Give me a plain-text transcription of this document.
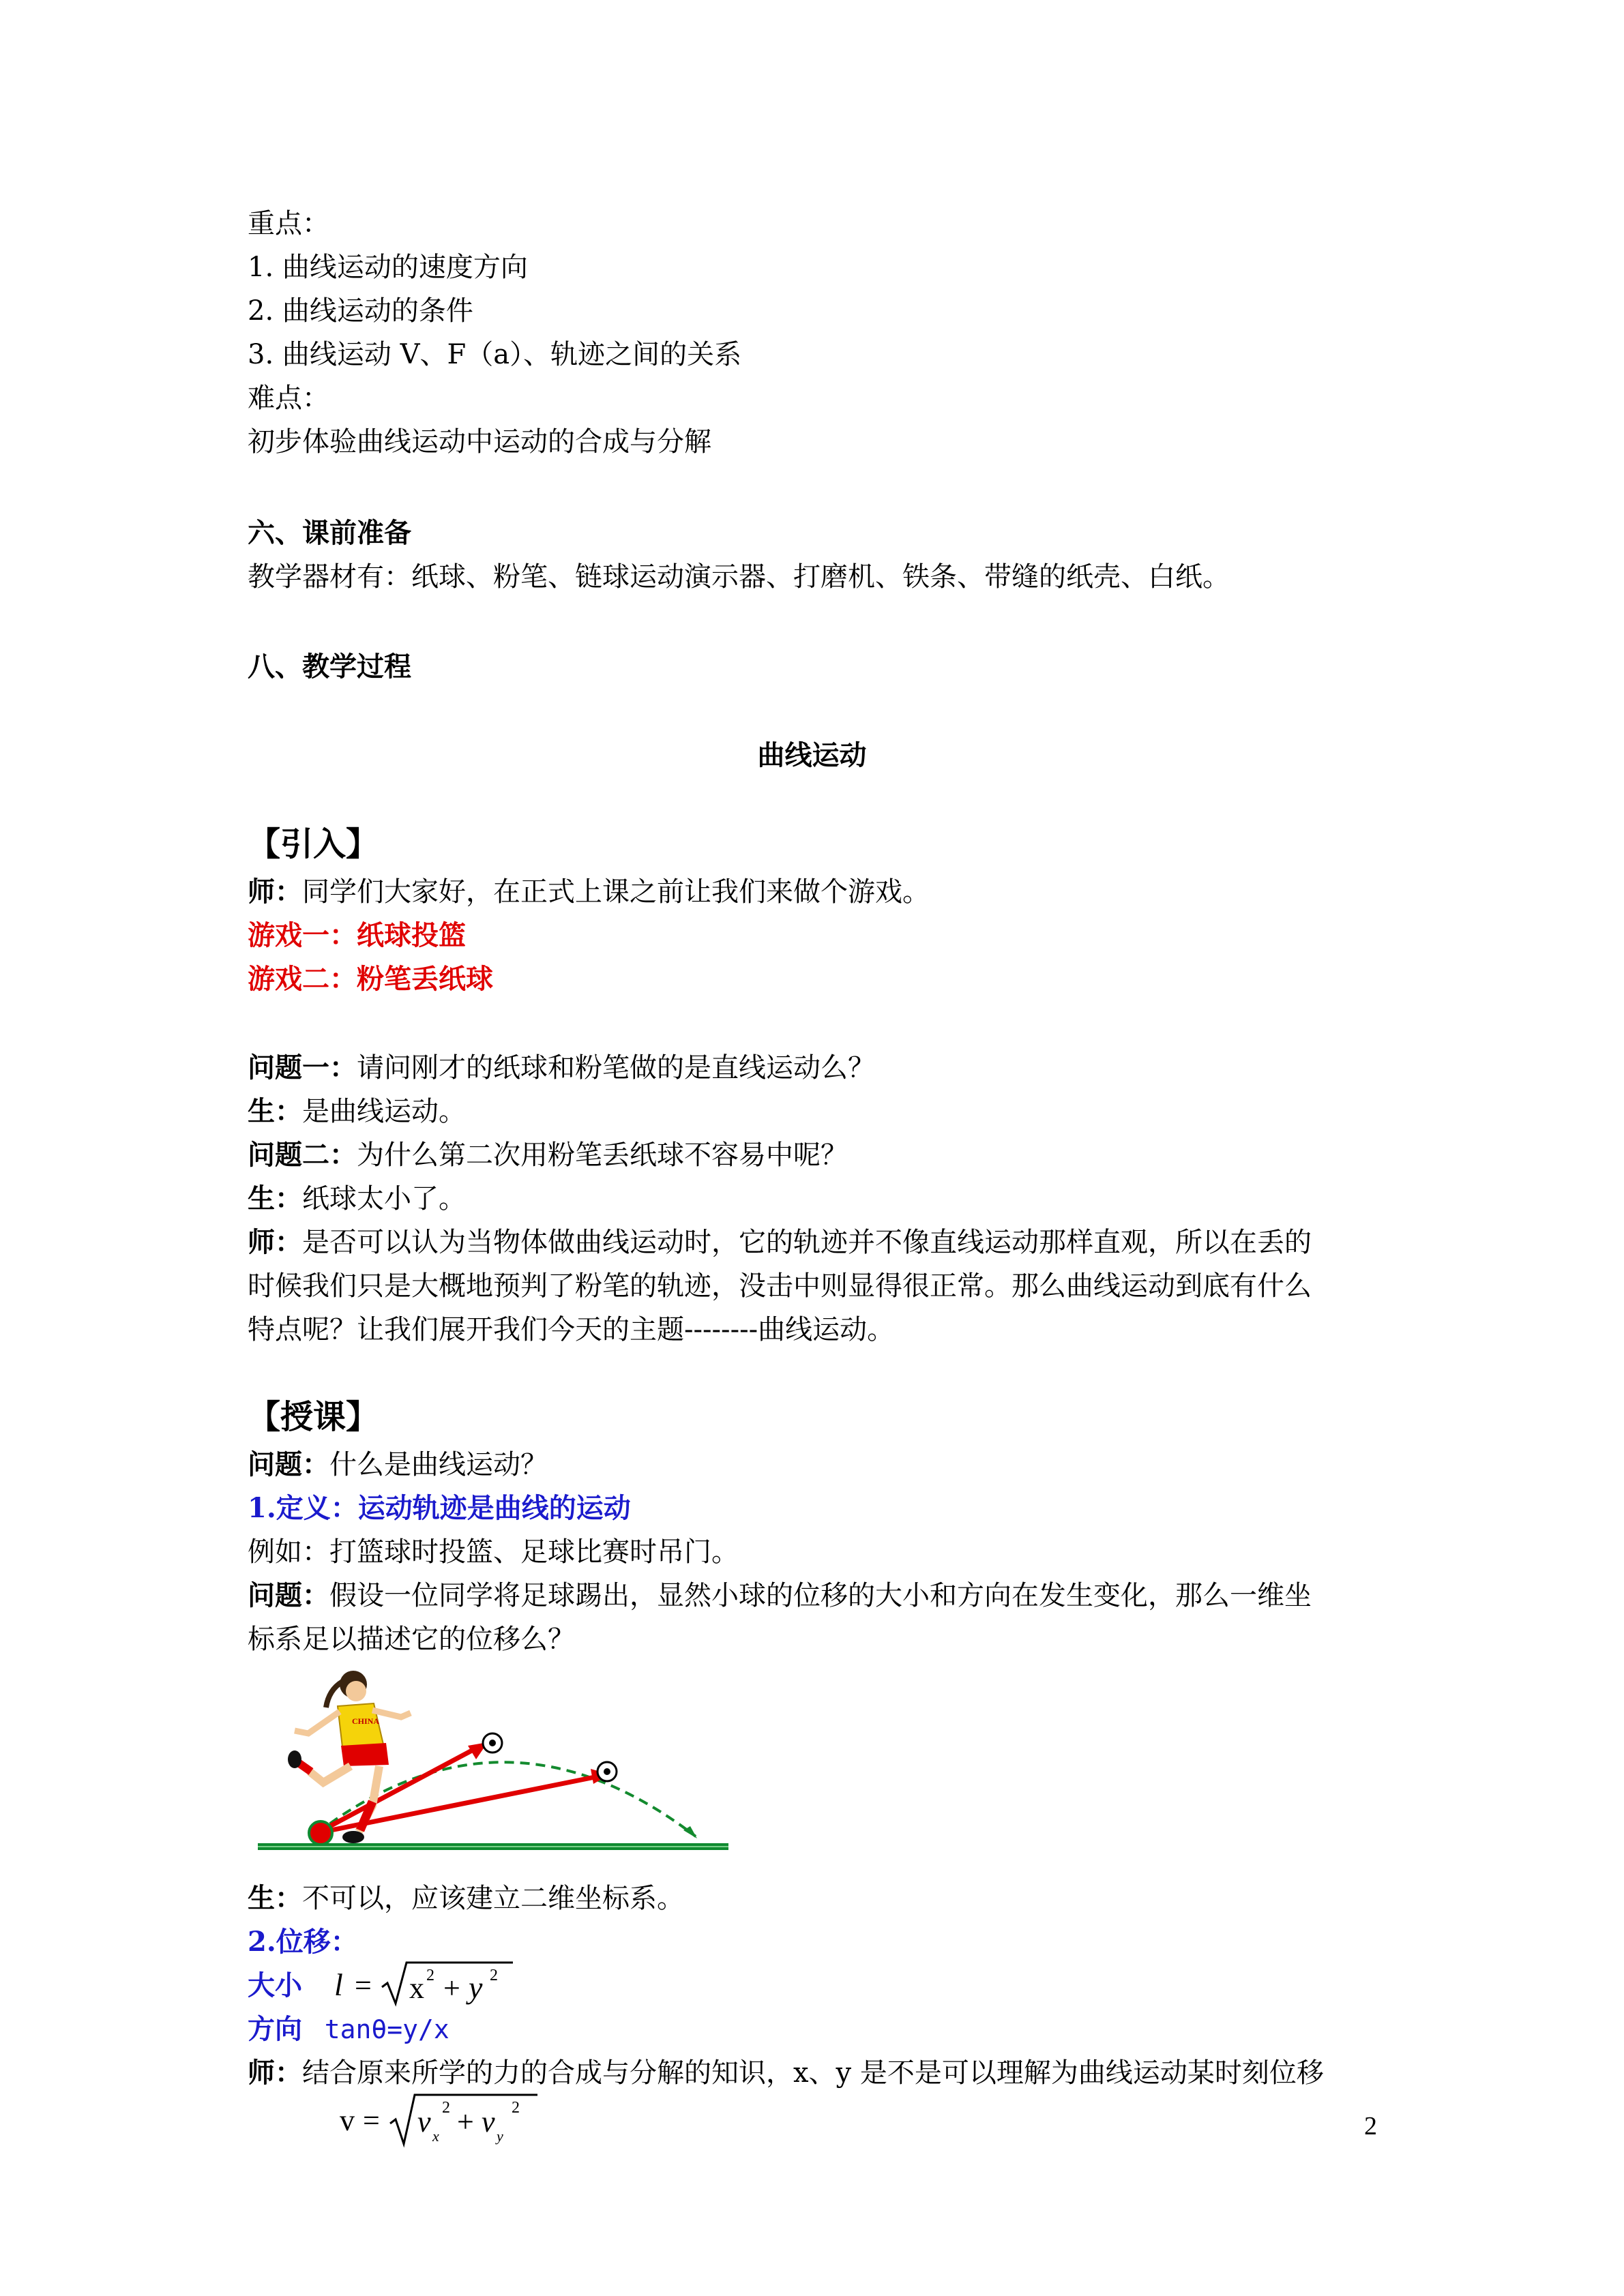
重点：
1. 曲线运动的速度方向
2. 曲线运动的条件
3. 曲线运动 V、F（a）、轨迹之间的关系
难点：
初步体验曲线运动中运动的合成与分解
六、课前准备
教学器材有：纸球、粉笔、链球运动演示器、打磨机、铁条、带缝的纸壳、白纸。
八、教学过程
曲线运动
【引入】
师：同学们大家好，在正式上课之前让我们来做个游戏。
游戏一：纸球投篮
游戏二：粉笔丢纸球
问题一：请问刚才的纸球和粉笔做的是直线运动么？
生：是曲线运动。
问题二：为什么第二次用粉笔丢纸球不容易中呢？
生：纸球太小了。
师：是否可以认为当物体做曲线运动时，它的轨迹并不像直线运动那样直观，所以在丢的
时候我们只是大概地预判了粉笔的轨迹，没击中则显得很正常。那么曲线运动到底有什么
特点呢？让我们展开我们今天的主题--------曲线运动。
【授课】
问题：什么是曲线运动？
1.定义：运动轨迹是曲线的运动
例如：打篮球时投篮、足球比赛时吊门。
问题：假设一位同学将足球踢出，显然小球的位移的大小和方向在发生变化，那么一维坐
标系足以描述它的位移么？
CHINA
生：不可以，应该建立二维坐标系。
2.位移：
大小 l = x 2 + y 2
方向 tanθ=y/x
师：结合原来所学的力的合成与分解的知识，x、y 是不是可以理解为曲线运动某时刻位移
v = v x
2 + v y
2
2
